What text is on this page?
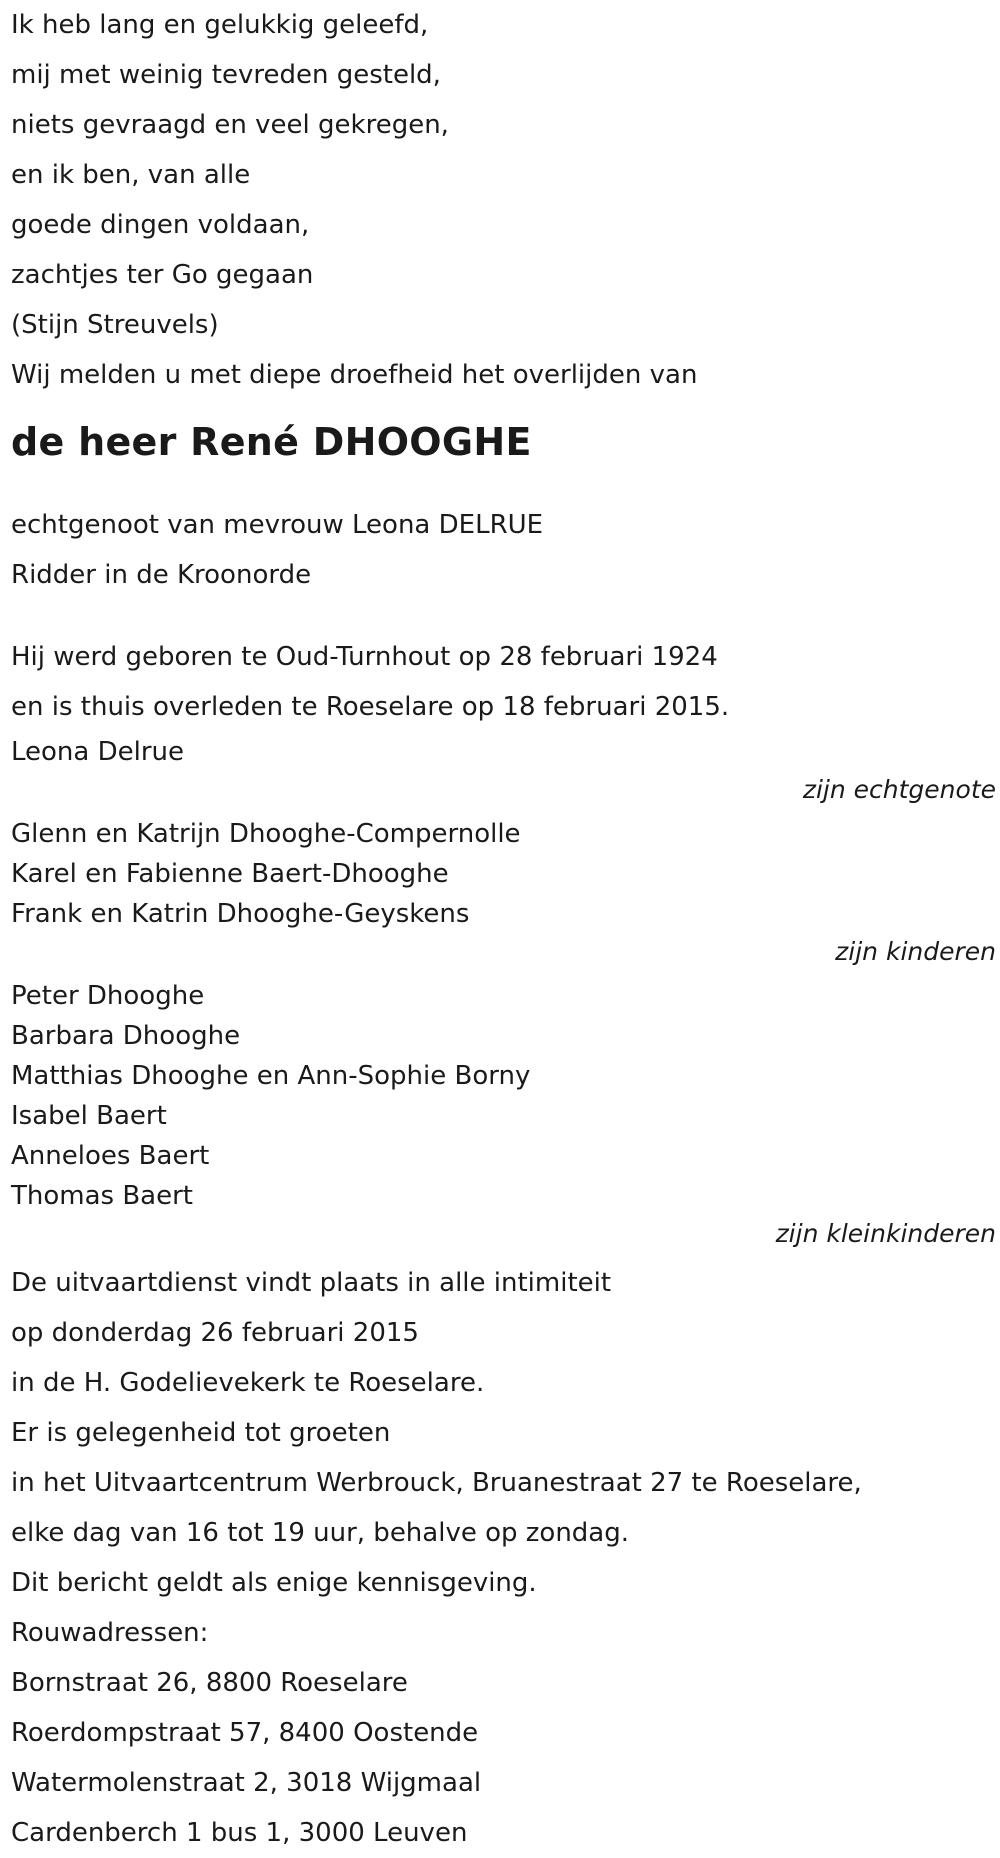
Ik heb lang en gelukkig geleefd,
mij met weinig tevreden gesteld,
niets gevraagd en veel gekregen,
en ik ben, van alle
goede dingen voldaan,
zachtjes ter Go gegaan
(Stijn Streuvels)
Wij melden u met diepe droefheid het overlijden van
de heer René DHOOGHE
echtgenoot van mevrouw Leona DELRUE
Ridder in de Kroonorde
Hij werd geboren te Oud-Turnhout op 28 februari 1924
en is thuis overleden te Roeselare op 18 februari 2015.
Leona Delrue
zijn echtgenote
Glenn en Katrijn Dhooghe-Compernolle
Karel en Fabienne Baert-Dhooghe
Frank en Katrin Dhooghe-Geyskens
zijn kinderen
Peter Dhooghe
Barbara Dhooghe
Matthias Dhooghe en Ann-Sophie Borny
Isabel Baert
Anneloes Baert
Thomas Baert
zijn kleinkinderen
De uitvaartdienst vindt plaats in alle intimiteit
op donderdag 26 februari 2015
in de H. Godelievekerk te Roeselare.
Er is gelegenheid tot groeten
in het Uitvaartcentrum Werbrouck, Bruanestraat 27 te Roeselare,
elke dag van 16 tot 19 uur, behalve op zondag.
Dit bericht geldt als enige kennisgeving.
Rouwadressen:
Bornstraat 26, 8800 Roeselare
Roerdompstraat 57, 8400 Oostende
Watermolenstraat 2, 3018 Wijgmaal
Cardenberch 1 bus 1, 3000 Leuven
